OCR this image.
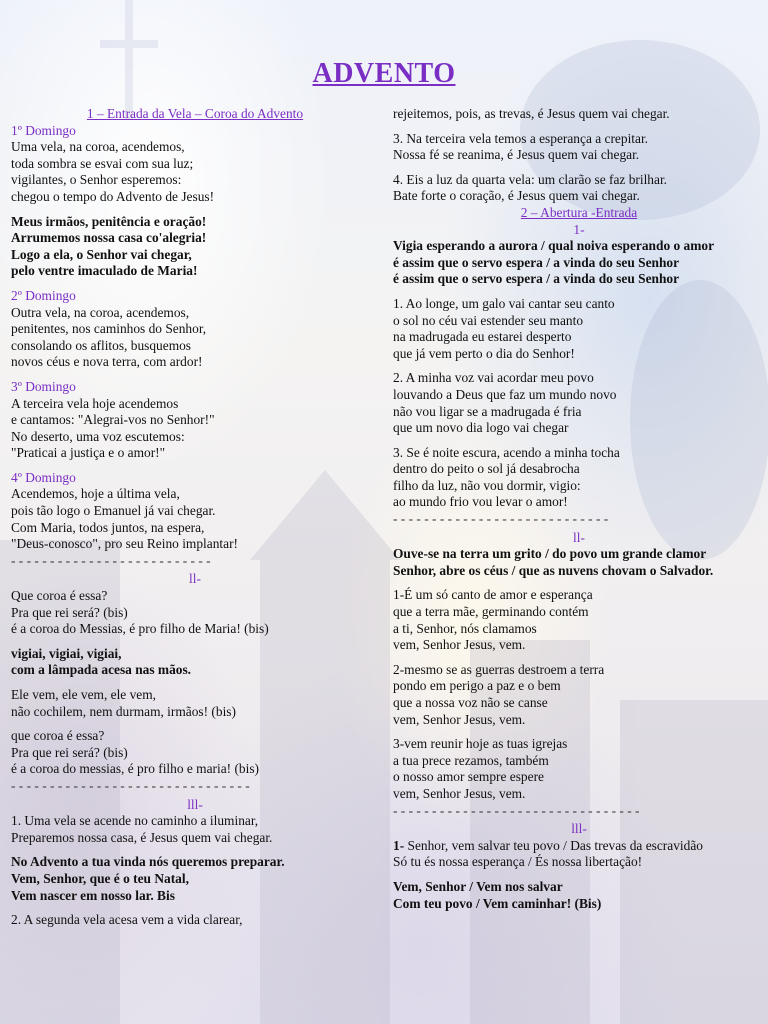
ADVENTO
1 – Entrada da Vela – Coroa do Advento
1º Domingo
Uma vela, na coroa, acendemos,
toda sombra se esvai com sua luz;
vigilantes, o Senhor esperemos:
chegou o tempo do Advento de Jesus!
Meus irmãos, penitência e oração!
Arrumemos nossa casa co'alegria!
Logo a ela, o Senhor vai chegar,
pelo ventre imaculado de Maria!
2º Domingo
Outra vela, na coroa, acendemos,
penitentes, nos caminhos do Senhor,
consolando os aflitos, busquemos
novos céus e nova terra, com ardor!
3º Domingo
A terceira vela hoje acendemos
e cantamos: "Alegrai-vos no Senhor!"
No deserto, uma voz escutemos:
"Praticai a justiça e o amor!"
4º Domingo
Acendemos, hoje a última vela,
pois tão logo o Emanuel já vai chegar.
Com Maria, todos juntos, na espera,
"Deus-conosco", pro seu Reino implantar!
- - - - - - - - - - - - - - - - - - - - - - - - - -
ll-
Que coroa é essa?
Pra que rei será? (bis)
é a coroa do Messias, é pro filho de Maria! (bis)
vigiai, vigiai, vigiai,
com a lâmpada acesa nas mãos.
Ele vem, ele vem, ele vem,
não cochilem, nem durmam, irmãos! (bis)
que coroa é essa?
Pra que rei será? (bis)
é a coroa do messias, é pro filho e maria! (bis)
- - - - - - - - - - - - - - - - - - - - - - - - - - - - - - -
lll-
1. Uma vela se acende no caminho a iluminar,
Preparemos nossa casa, é Jesus quem vai chegar.
No Advento a tua vinda nós queremos preparar.
Vem, Senhor, que é o teu Natal,
Vem nascer em nosso lar. Bis
2. A segunda vela acesa vem a vida clarear,
rejeitemos, pois, as trevas, é Jesus quem vai chegar.
3. Na terceira vela temos a esperança a crepitar.
Nossa fé se reanima, é Jesus quem vai chegar.
4. Eis a luz da quarta vela: um clarão se faz brilhar.
Bate forte o coração, é Jesus quem vai chegar.
2 – Abertura -Entrada
1-
Vigia esperando a aurora / qual noiva esperando o amor
é assim que o servo espera / a vinda do seu Senhor
é assim que o servo espera / a vinda do seu Senhor
1. Ao longe, um galo vai cantar seu canto
o sol no céu vai estender seu manto
na madrugada eu estarei desperto
que já vem perto o dia do Senhor!
2. A minha voz vai acordar meu povo
louvando a Deus que faz um mundo novo
não vou ligar se a madrugada é fria
que um novo dia logo vai chegar
3. Se é noite escura, acendo a minha tocha
dentro do peito o sol já desabrocha
filho da luz, não vou dormir, vigio:
ao mundo frio vou levar o amor!
- - - - - - - - - - - - - - - - - - - - - - - - - - - -
ll-
Ouve-se na terra um grito / do povo um grande clamor
Senhor, abre os céus / que as nuvens chovam o Salvador.
1-É um só canto de amor e esperança
que a terra mãe, germinando contém
a ti, Senhor, nós clamamos
vem, Senhor Jesus, vem.
2-mesmo se as guerras destroem a terra
pondo em perigo a paz e o bem
que a nossa voz não se canse
vem, Senhor Jesus, vem.
3-vem reunir hoje as tuas igrejas
a tua prece rezamos, também
o nosso amor sempre espere
vem, Senhor Jesus, vem.
- - - - - - - - - - - - - - - - - - - - - - - - - - - - - - - -
lll-
1- Senhor, vem salvar teu povo / Das trevas da escravidão
Só tu és nossa esperança / És nossa libertação!
Vem, Senhor / Vem nos salvar
Com teu povo / Vem caminhar! (Bis)
